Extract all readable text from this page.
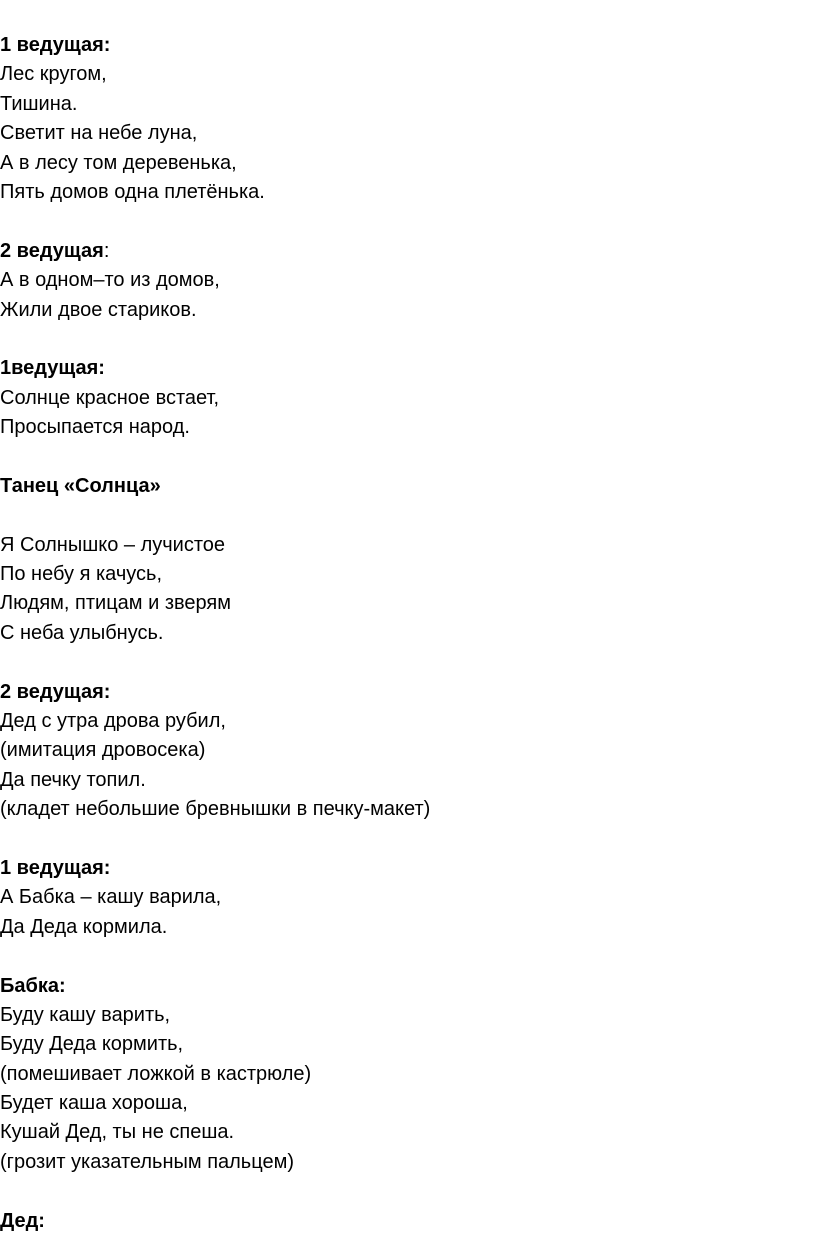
1 ведущая:
Лес кругом,
Тишина.
Светит на небе луна,
А в лесу том деревенька,
Пять домов одна плетёнька.
2 ведущая:
А в одном–то из домов,
Жили двое стариков.
1ведущая:
Солнце красное встает,
Просыпается народ.
Танец «Солнца»
Я Солнышко – лучистое
По небу я качусь,
Людям, птицам и зверям
С неба улыбнусь.
2 ведущая:
Дед с утра дрова рубил,
(имитация дровосека)
Да печку топил.
(кладет небольшие бревнышки в печку-макет)
1 ведущая:
А Бабка – кашу варила,
Да Деда кормила.
Бабка:
Буду кашу варить,
Буду Деда кормить,
(помешивает ложкой в кастрюле)
Будет каша хороша,
Кушай Дед, ты не спеша.
(грозит указательным пальцем)
Дед:
